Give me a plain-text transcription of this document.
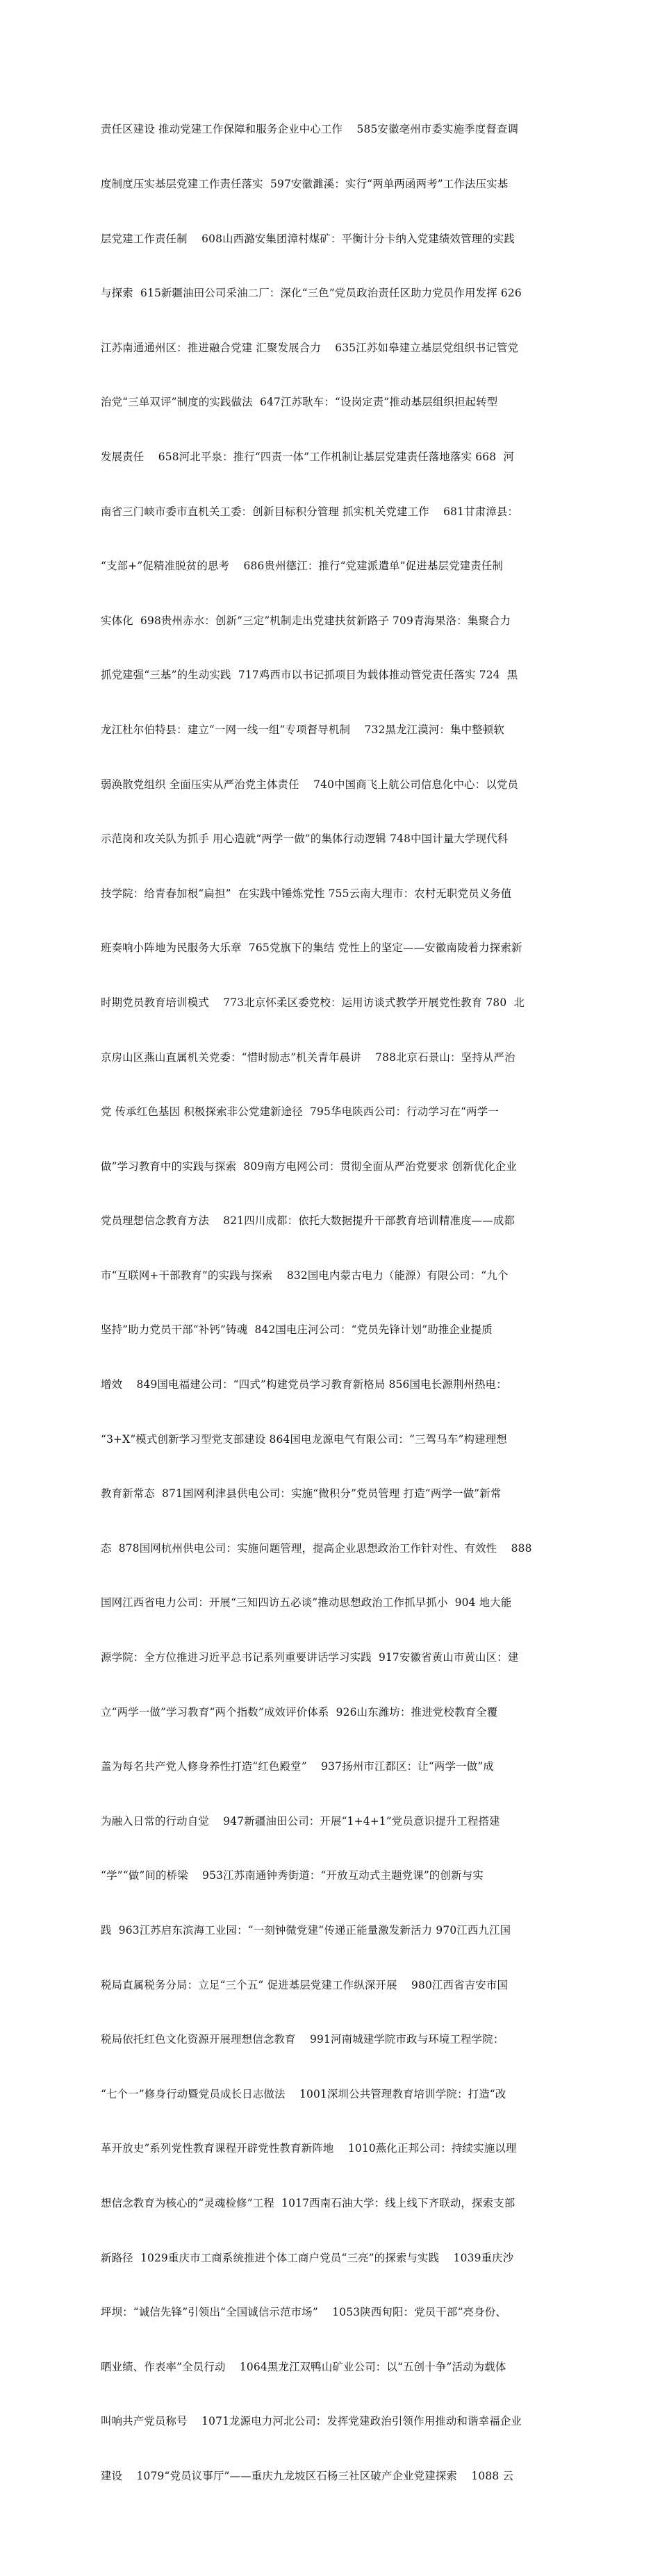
责任区建设 推动党建工作保障和服务企业中心工作    585安徽亳州市委实施季度督查调

度制度压实基层党建工作责任落实  597安徽濉溪：实行“两单两函两考”工作法压实基

层党建工作责任制    608山西潞安集团漳村煤矿：平衡计分卡纳入党建绩效管理的实践

与探索  615新疆油田公司采油二厂：深化“三色”党员政治责任区助力党员作用发挥 626

江苏南通通州区：推进融合党建 汇聚发展合力    635江苏如皋建立基层党组织书记管党

治党“三单双评”制度的实践做法  647江苏耿车：“设岗定责”推动基层组织担起转型

发展责任    658河北平泉：推行“四责一体”工作机制让基层党建责任落地落实 668  河

南省三门峡市委市直机关工委：创新目标积分管理 抓实机关党建工作    681甘肃漳县：

“支部+”促精准脱贫的思考    686贵州德江：推行“党建派遣单”促进基层党建责任制

实体化  698贵州赤水：创新“三定”机制走出党建扶贫新路子 709青海果洛：集聚合力

抓党建强“三基”的生动实践  717鸡西市以书记抓项目为载体推动管党责任落实 724  黑

龙江杜尔伯特县：建立“一网一线一组”专项督导机制    732黑龙江漠河：集中整顿软

弱涣散党组织 全面压实从严治党主体责任    740中国商飞上航公司信息化中心：以党员

示范岗和攻关队为抓手 用心造就“两学一做”的集体行动逻辑 748中国计量大学现代科

技学院：给青春加根“扁担”  在实践中锤炼党性 755云南大理市：农村无职党员义务值

班奏响小阵地为民服务大乐章  765党旗下的集结 党性上的坚定——安徽南陵着力探索新

时期党员教育培训模式    773北京怀柔区委党校：运用访谈式教学开展党性教育 780  北

京房山区燕山直属机关党委：“惜时励志”机关青年晨讲    788北京石景山：坚持从严治

党 传承红色基因 积极探索非公党建新途径  795华电陕西公司：行动学习在“两学一

做”学习教育中的实践与探索  809南方电网公司：贯彻全面从严治党要求 创新优化企业

党员理想信念教育方法    821四川成都：依托大数据提升干部教育培训精准度——成都

市“互联网+干部教育”的实践与探索    832国电内蒙古电力（能源）有限公司：“九个

坚持”助力党员干部“补钙”铸魂  842国电庄河公司：“党员先锋计划”助推企业提质

增效    849国电福建公司：“四式”构建党员学习教育新格局 856国电长源荆州热电：

“3+X”模式创新学习型党支部建设 864国电龙源电气有限公司：“三驾马车”构建理想

教育新常态  871国网利津县供电公司：实施“微积分”党员管理 打造“两学一做”新常

态  878国网杭州供电公司：实施问题管理，提高企业思想政治工作针对性、有效性    888

国网江西省电力公司：开展“三知四访五必谈”推动思想政治工作抓早抓小  904 地大能

源学院：全方位推进习近平总书记系列重要讲话学习实践  917安徽省黄山市黄山区：建

立“两学一做”学习教育“两个指数”成效评价体系  926山东潍坊：推进党校教育全覆

盖为每名共产党人修身养性打造“红色殿堂”    937扬州市江都区：让“两学一做”成

为融入日常的行动自觉    947新疆油田公司：开展“1+4+1”党员意识提升工程搭建

“学”“做”间的桥梁    953江苏南通钟秀街道：“开放互动式主题党课”的创新与实

践  963江苏启东滨海工业园：“一刻钟微党建”传递正能量激发新活力 970江西九江国

税局直属税务分局：立足“三个五” 促进基层党建工作纵深开展    980江西省吉安市国

税局依托红色文化资源开展理想信念教育    991河南城建学院市政与环境工程学院：

“七个一”修身行动暨党员成长日志做法    1001深圳公共管理教育培训学院：打造“改

革开放史”系列党性教育课程开辟党性教育新阵地    1010燕化正邦公司：持续实施以理

想信念教育为核心的“灵魂检修”工程  1017西南石油大学：线上线下齐联动，探索支部

新路径  1029重庆市工商系统推进个体工商户党员“三亮”的探索与实践    1039重庆沙

坪坝：“诚信先锋”引领出“全国诚信示范市场”    1053陕西旬阳：党员干部“亮身份、

晒业绩、作表率”全员行动    1064黑龙江双鸭山矿业公司：以“五创十争”活动为载体

叫响共产党员称号    1071龙源电力河北公司：发挥党建政治引领作用推动和谐幸福企业

建设    1079“党员议事厅”——重庆九龙坡区石杨三社区破产企业党建探索    1088 云
